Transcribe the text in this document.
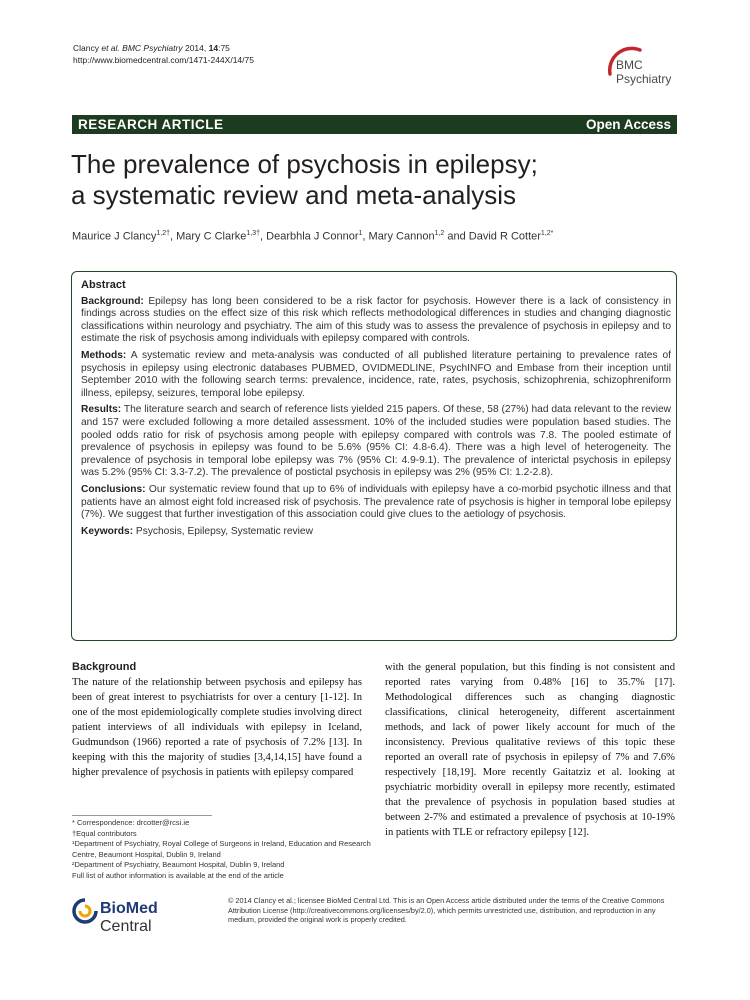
Clancy et al. BMC Psychiatry 2014, 14:75
http://www.biomedcentral.com/1471-244X/14/75	BMC
Psychiatry
RESEARCH ARTICLE	Open Access
The prevalence of psychosis in epilepsy;
a systematic review and meta-analysis
Maurice J Clancy$^{1,2\dagger}$, Mary C Clarke$^{1,3\dagger}$, Dearbhla J Connor$^1$, Mary Cannon$^{1,2}$ and David R Cotter$^{1,2*}$
Abstract
Background: Epilepsy has long been considered to be a risk factor for psychosis. However there is a lack of consistency in findings across studies on the effect size of this risk which reflects methodological differences in studies and changing diagnostic classifications within neurology and psychiatry. The aim of this study was to assess the prevalence of psychosis in epilepsy and to estimate the risk of psychosis among individuals with epilepsy compared with controls.
Methods: A systematic review and meta-analysis was conducted of all published literature pertaining to prevalence rates of psychosis in epilepsy using electronic databases PUBMED, OVIDMEDLINE, PsychINFO and Embase from their inception until September 2010 with the following search terms: prevalence, incidence, rate, rates, psychosis, schizophrenia, schizophreniform illness, epilepsy, seizures, temporal lobe epilepsy.
Results: The literature search and search of reference lists yielded 215 papers. Of these, 58 (27%) had data relevant to the review and 157 were excluded following a more detailed assessment. 10% of the included studies were population based studies. The pooled odds ratio for risk of psychosis among people with epilepsy compared with controls was 7.8. The pooled estimate of prevalence of psychosis in epilepsy was found to be 5.6% (95% CI: 4.8-6.4). There was a high level of heterogeneity. The prevalence of psychosis in temporal lobe epilepsy was 7% (95% CI: 4.9-9.1). The prevalence of interictal psychosis in epilepsy was 5.2% (95% CI: 3.3-7.2). The prevalence of postictal psychosis in epilepsy was 2% (95% CI: 1.2-2.8).
Conclusions: Our systematic review found that up to 6% of individuals with epilepsy have a co-morbid psychotic illness and that patients have an almost eight fold increased risk of psychosis. The prevalence rate of psychosis is higher in temporal lobe epilepsy (7%). We suggest that further investigation of this association could give clues to the aetiology of psychosis.
Keywords: Psychosis, Epilepsy, Systematic review
Background
The nature of the relationship between psychosis and epilepsy has been of great interest to psychiatrists for over a century [1-12]. In one of the most epidemiologically complete studies involving direct patient interviews of all individuals with epilepsy in Iceland, Gudmundson (1966) reported a rate of psychosis of 7.2% [13]. In keeping with this the majority of studies [3,4,14,15] have found a higher prevalence of psychosis in patients with epilepsy compared
with the general population, but this finding is not consistent and reported rates varying from 0.48% [16] to 35.7% [17]. Methodological differences such as changing diagnostic classifications, clinical heterogeneity, different ascertainment methods, and lack of power likely account for much of the inconsistency. Previous qualitative reviews of this topic these reported an overall rate of psychosis in epilepsy of 7% and 7.6% respectively [18,19]. More recently Gaitatziz et al. looking at psychiatric morbidity overall in epilepsy more recently, estimated that the prevalence of psychosis in population based studies at between 2-7% and estimated a prevalence of psychosis at 10-19% in patients with TLE or refractory epilepsy [12].
* Correspondence: drcotter@rcsi.ie
†Equal contributors
¹Department of Psychiatry, Royal College of Surgeons in Ireland, Education and Research Centre, Beaumont Hospital, Dublin 9, Ireland
²Department of Psychiatry, Beaumont Hospital, Dublin 9, Ireland
Full list of author information is available at the end of the article
BioMed Central
© 2014 Clancy et al.; licensee BioMed Central Ltd. This is an Open Access article distributed under the terms of the Creative Commons Attribution License (http://creativecommons.org/licenses/by/2.0), which permits unrestricted use, distribution, and reproduction in any medium, provided the original work is properly credited.
